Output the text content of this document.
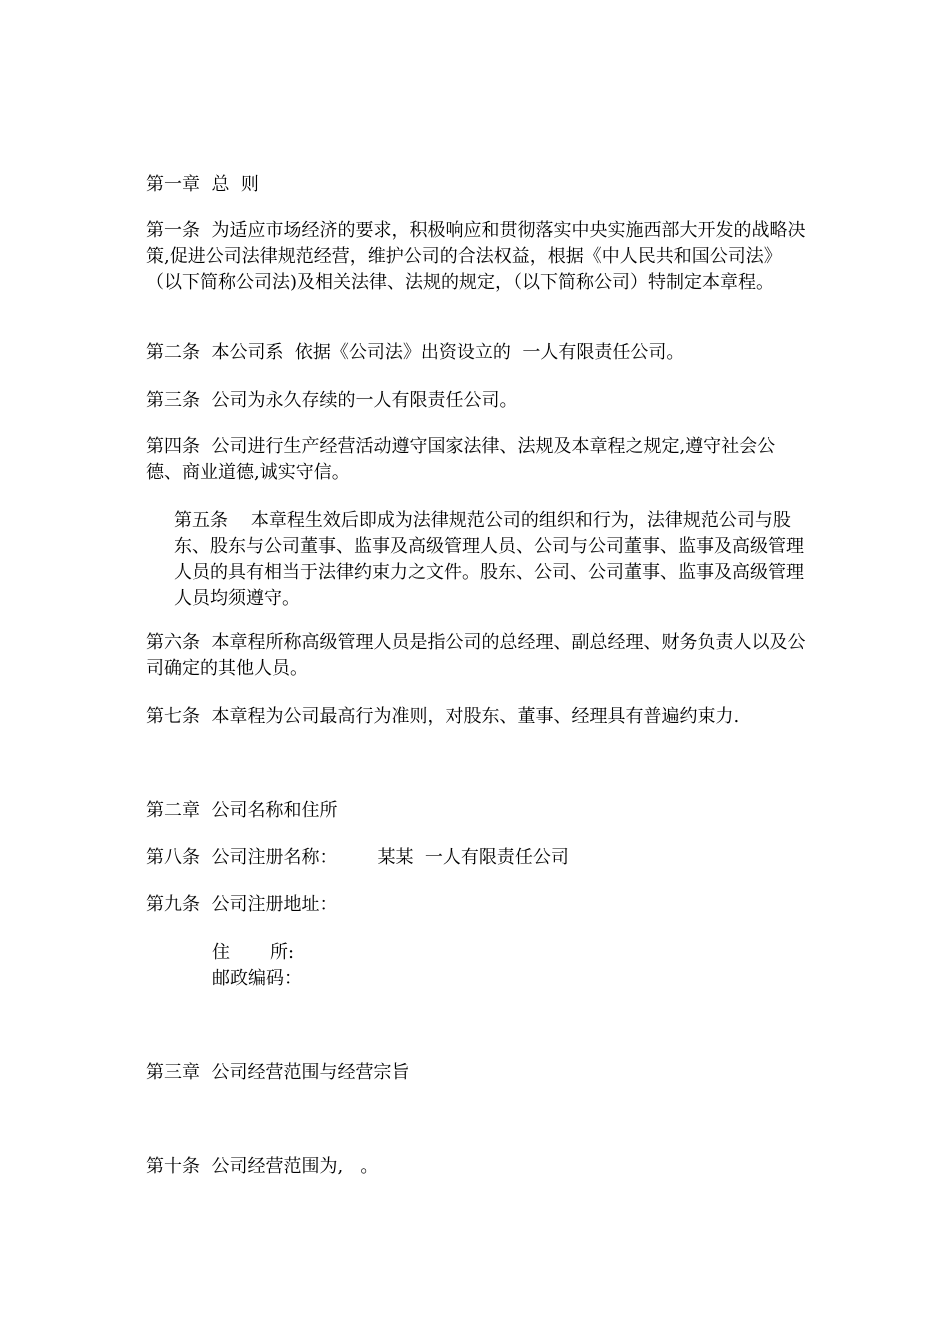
第一章  总  则

第一条  为适应市场经济的要求，积极响应和贯彻落实中央实施西部大开发的战略决策,促进公司法律规范经营，维护公司的合法权益，根据《中人民共和国公司法》（以下简称公司法)及相关法律、法规的规定，（以下简称公司）特制定本章程。

第二条  本公司系  依据《公司法》出资设立的  一人有限责任公司。

第三条  公司为永久存续的一人有限责任公司。

第四条  公司进行生产经营活动遵守国家法律、法规及本章程之规定,遵守社会公德、商业道德,诚实守信。

第五条    本章程生效后即成为法律规范公司的组织和行为，法律规范公司与股东、股东与公司董事、监事及高级管理人员、公司与公司董事、监事及高级管理人员的具有相当于法律约束力之文件。股东、公司、公司董事、监事及高级管理人员均须遵守。

第六条  本章程所称高级管理人员是指公司的总经理、副总经理、财务负责人以及公司确定的其他人员。

第七条  本章程为公司最高行为准则，对股东、董事、经理具有普遍约束力.

第二章  公司名称和住所

第八条  公司注册名称：       某某  一人有限责任公司

第九条  公司注册地址：

住       所:

邮政编码：

第三章  公司经营范围与经营宗旨

第十条  公司经营范围为,   。
